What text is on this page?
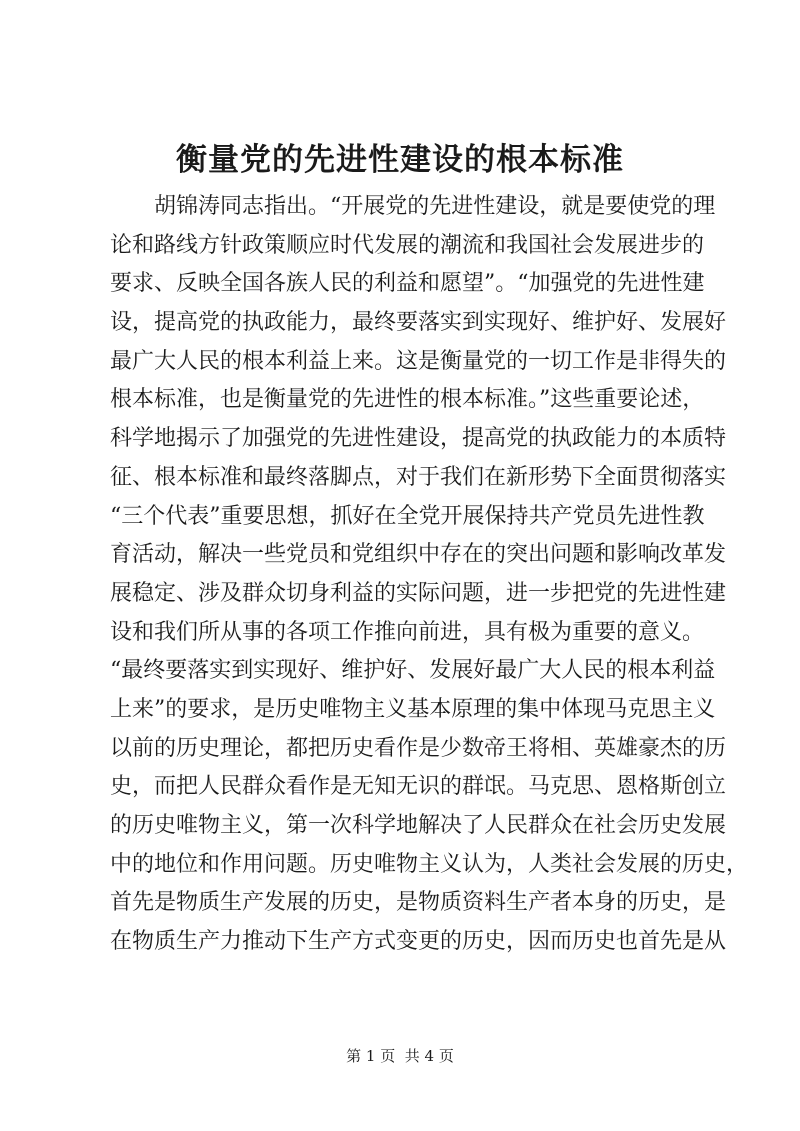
衡量党的先进性建设的根本标准
　　胡锦涛同志指出。“开展党的先进性建设，就是要使党的理
论和路线方针政策顺应时代发展的潮流和我国社会发展进步的
要求、反映全国各族人民的利益和愿望”。“加强党的先进性建
设，提高党的执政能力，最终要落实到实现好、维护好、发展好
最广大人民的根本利益上来。这是衡量党的一切工作是非得失的
根本标准，也是衡量党的先进性的根本标准。”这些重要论述，
科学地揭示了加强党的先进性建设，提高党的执政能力的本质特
征、根本标准和最终落脚点，对于我们在新形势下全面贯彻落实
“三个代表”重要思想，抓好在全党开展保持共产党员先进性教
育活动，解决一些党员和党组织中存在的突出问题和影响改革发
展稳定、涉及群众切身利益的实际问题，进一步把党的先进性建
设和我们所从事的各项工作推向前进，具有极为重要的意义。
“最终要落实到实现好、维护好、发展好最广大人民的根本利益
上来”的要求，是历史唯物主义基本原理的集中体现马克思主义
以前的历史理论，都把历史看作是少数帝王将相、英雄豪杰的历
史，而把人民群众看作是无知无识的群氓。马克思、恩格斯创立
的历史唯物主义，第一次科学地解决了人民群众在社会历史发展
中的地位和作用问题。历史唯物主义认为，人类社会发展的历史，
首先是物质生产发展的历史，是物质资料生产者本身的历史，是
在物质生产力推动下生产方式变更的历史，因而历史也首先是从
第 1 页  共 4 页
